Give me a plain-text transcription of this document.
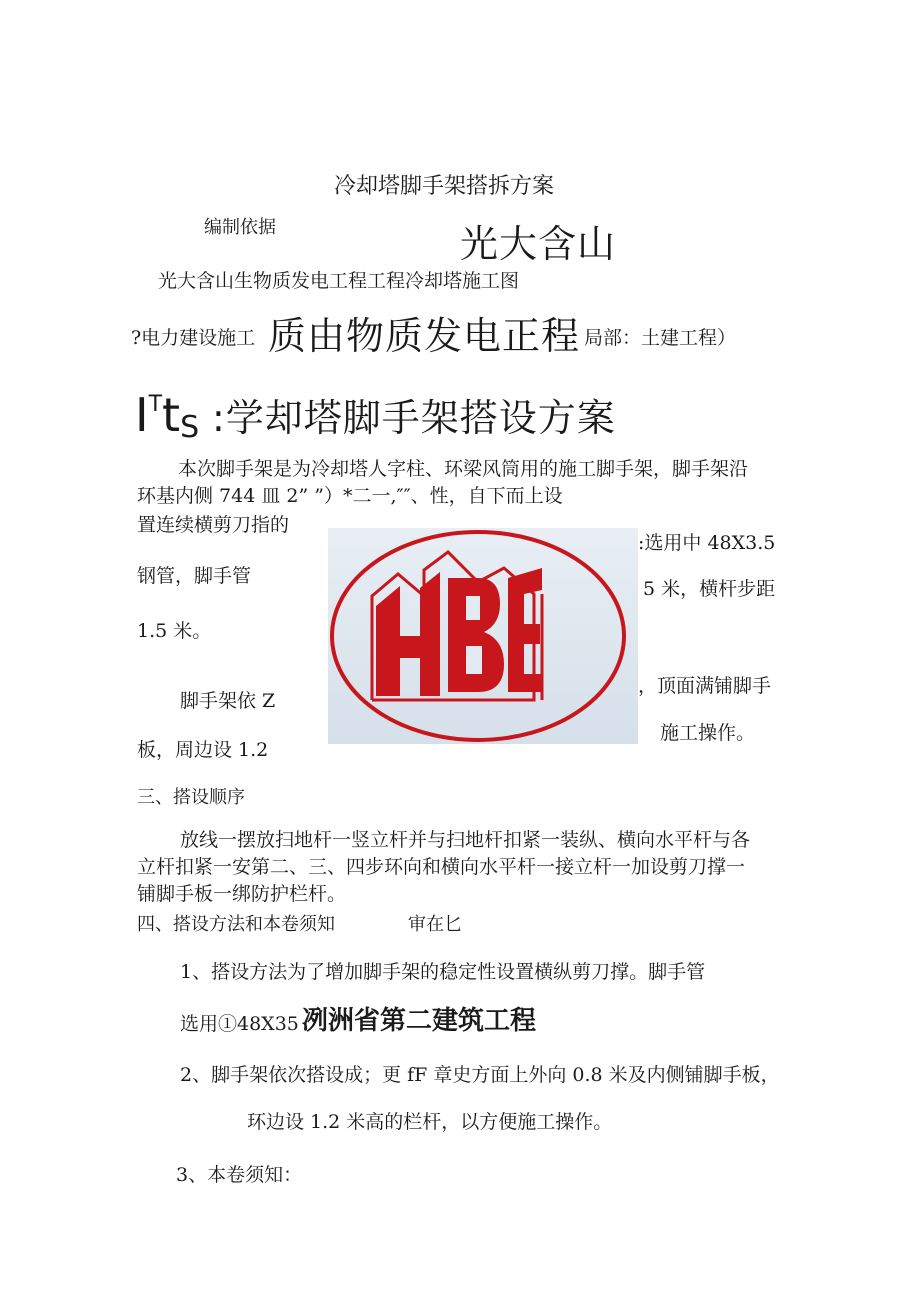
冷却塔脚手架搭拆方案
编制依据	光大含山
光大含山生物质发电工程工程冷却塔施工图
?电力建设施工 质由物质发电正程 局部：土建工程）
$I^Tt_S$ :学却塔脚手架搭设方案
本次脚手架是为冷却塔人字柱、环梁风筒用的施工脚手架，脚手架沿
环基内侧 744 皿 2” ”）*二一,″″、性，自下而上设
置连续横剪刀指的
钢管，脚手管
1.5 米。
脚手架依 Z
板，周边设 1.2
:选用中 48X3.5
5 米，横杆步距
，顶面满铺脚手
施工操作。
HBE
三、搭设顺序
放线一摆放扫地杆一竖立杆并与扫地杆扣紧一装纵、横向水平杆与各
立杆扣紧一安第二、三、四步环向和横向水平杆一接立杆一加设剪刀撑一
铺脚手板一绑防护栏杆。
四、搭设方法和本卷须知	审在匕
1、搭设方法为了增加脚手架的稳定性设置横纵剪刀撑。脚手管
选用①48X35 冽洲省第二建筑工程
2、脚手架依次搭设成；更 fF 章史方面上外向 0.8 米及内侧铺脚手板，
环边设 1.2 米高的栏杆，以方便施工操作。
3、本卷须知：
